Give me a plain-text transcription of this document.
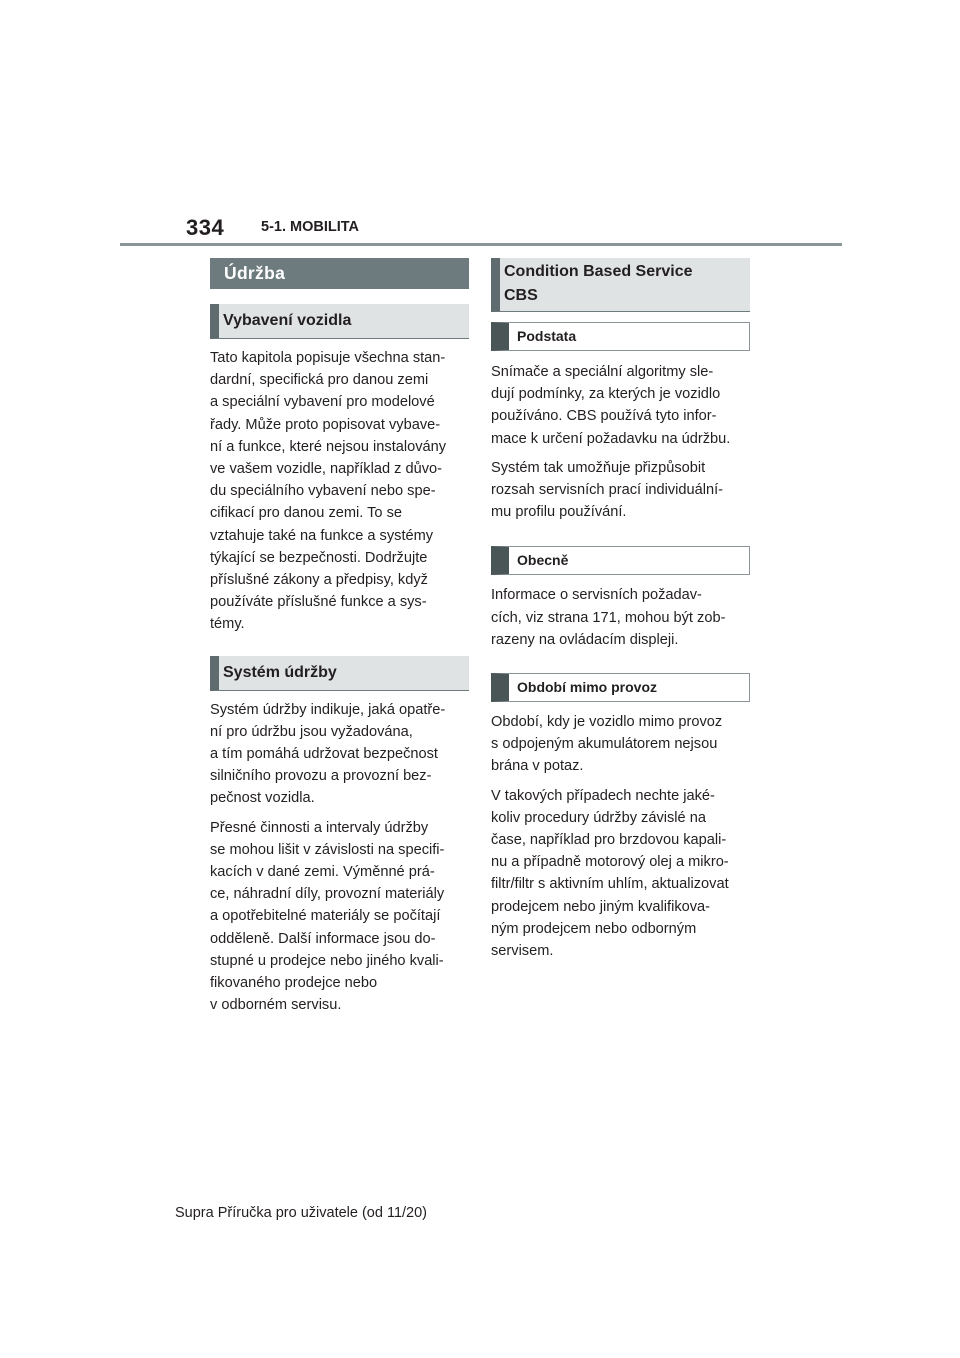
334	5-1. MOBILITA
Údržba
Vybavení vozidla

Tato kapitola popisuje všechna stan-
dardní, specifická pro danou zemi
a speciální vybavení pro modelové
řady. Může proto popisovat vybave-
ní a funkce, které nejsou instalovány
ve vašem vozidle, například z důvo-
du speciálního vybavení nebo spe-
cifikací pro danou zemi. To se
vztahuje také na funkce a systémy
týkající se bezpečnosti. Dodržujte
příslušné zákony a předpisy, když
používáte příslušné funkce a sys-
témy.

Systém údržby

Systém údržby indikuje, jaká opatře-
ní pro údržbu jsou vyžadována,
a tím pomáhá udržovat bezpečnost
silničního provozu a provozní bez-
pečnost vozidla.

Přesné činnosti a intervaly údržby
se mohou lišit v závislosti na specifi-
kacích v dané zemi. Výměnné prá-
ce, náhradní díly, provozní materiály
a opotřebitelné materiály se počítají
odděleně. Další informace jsou do-
stupné u prodejce nebo jiného kvali-
fikovaného prodejce nebo
v odborném servisu.

Condition Based Service
CBS
Podstata

Snímače a speciální algoritmy sle-
dují podmínky, za kterých je vozidlo
používáno. CBS používá tyto infor-
mace k určení požadavku na údržbu.

Systém tak umožňuje přizpůsobit
rozsah servisních prací individuální-
mu profilu používání.

Obecně

Informace o servisních požadav-
cích, viz strana 171, mohou být zob-
razeny na ovládacím displeji.

Období mimo provoz

Období, kdy je vozidlo mimo provoz
s odpojeným akumulátorem nejsou
brána v potaz.

V takových případech nechte jaké-
koliv procedury údržby závislé na
čase, například pro brzdovou kapali-
nu a případně motorový olej a mikro-
filtr/filtr s aktivním uhlím, aktualizovat
prodejcem nebo jiným kvalifikova-
ným prodejcem nebo odborným
servisem.

Supra Příručka pro uživatele (od 11/20)
